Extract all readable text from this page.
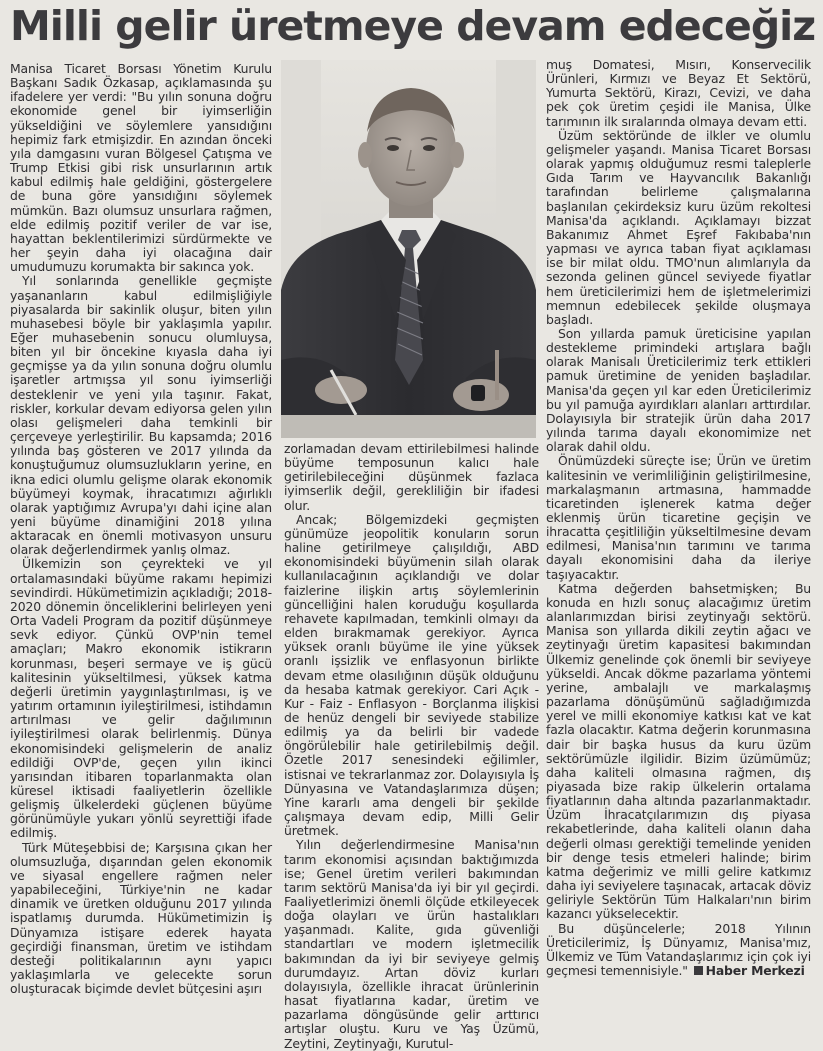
Milli gelir üretmeye devam edeceğiz

Manisa Ticaret Borsası Yönetim Kurulu Başkanı Sadık Özkasap, açıklamasında şu ifadelere yer verdi: "Bu yılın sonuna doğru ekonomide genel bir iyimserliğin yükseldiğini ve söylemlere yansıdığını hepimiz fark etmişizdir. En azından önceki yıla damgasını vuran Bölgesel Çatışma ve Trump Etkisi gibi risk unsurlarının artık kabul edilmiş hale geldiğini, göstergelere de buna göre yansıdığını söylemek mümkün. Bazı olumsuz unsurlara rağmen, elde edilmiş pozitif veriler de var ise, hayattan beklentilerimizi sürdürmekte ve her şeyin daha iyi olacağına dair umudumuzu korumakta bir sakınca yok.

Yıl sonlarında genellikle geçmişte yaşananların kabul edilmişliğiyle piyasalarda bir sakinlik oluşur, biten yılın muhasebesi böyle bir yaklaşımla yapılır. Eğer muhasebenin sonucu olumluysa, biten yıl bir öncekine kıyasla daha iyi geçmişse ya da yılın sonuna doğru olumlu işaretler artmışsa yıl sonu iyimserliği desteklenir ve yeni yıla taşınır. Fakat, riskler, korkular devam ediyorsa gelen yılın olası gelişmeleri daha temkinli bir çerçeveye yerleştirilir. Bu kapsamda; 2016 yılında baş gösteren ve 2017 yılında da konuştuğumuz olumsuzlukların yerine, en ikna edici olumlu gelişme olarak ekonomik büyümeyi koymak, ihracatımızı ağırlıklı olarak yaptığımız Avrupa'yı dahi içine alan yeni büyüme dinamiğini 2018 yılına aktaracak en önemli motivasyon unsuru olarak değerlendirmek yanlış olmaz.

Ülkemizin son çeyrekteki ve yıl ortalamasındaki büyüme rakamı hepimizi sevindirdi. Hükümetimizin açıkladığı; 2018-2020 dönemin önceliklerini belirleyen yeni Orta Vadeli Program da pozitif düşünmeye sevk ediyor. Çünkü OVP'nin temel amaçları; Makro ekonomik istikrarın korunması, beşeri sermaye ve iş gücü kalitesinin yükseltilmesi, yüksek katma değerli üretimin yaygınlaştırılması, iş ve yatırım ortamının iyileştirilmesi, istihdamın artırılması ve gelir dağılımının iyileştirilmesi olarak belirlenmiş. Dünya ekonomisindeki gelişmelerin de analiz edildiği OVP'de, geçen yılın ikinci yarısından itibaren toparlanmakta olan küresel iktisadi faaliyetlerin özellikle gelişmiş ülkelerdeki güçlenen büyüme görünümüyle yukarı yönlü seyrettiği ifade edilmiş.

Türk Müteşebbisi de; Karşısına çıkan her olumsuzluğa, dışarından gelen ekonomik ve siyasal engellere rağmen neler yapabileceğini, Türkiye'nin ne kadar dinamik ve üretken olduğunu 2017 yılında ispatlamış durumda. Hükümetimizin İş Dünyamıza istişare ederek hayata geçirdiği finansman, üretim ve istihdam desteği politikalarının aynı yapıcı yaklaşımlarla ve gelecekte sorun oluşturacak biçimde devlet bütçesini aşırı

zorlamadan devam ettirilebilmesi halinde büyüme temposunun kalıcı hale getirilebileceğini düşünmek fazlaca iyimserlik değil, gerekliliğin bir ifadesi olur.

Ancak; Bölgemizdeki geçmişten günümüze jeopolitik konuların sorun haline getirilmeye çalışıldığı, ABD ekonomisindeki büyümenin silah olarak kullanılacağının açıklandığı ve dolar faizlerine ilişkin artış söylemlerinin güncelliğini halen koruduğu koşullarda rehavete kapılmadan, temkinli olmayı da elden bırakmamak gerekiyor. Ayrıca yüksek oranlı büyüme ile yine yüksek oranlı işsizlik ve enflasyonun birlikte devam etme olasılığının düşük olduğunu da hesaba katmak gerekiyor. Cari Açık - Kur - Faiz - Enflasyon - Borçlanma ilişkisi de henüz dengeli bir seviyede stabilize edilmiş ya da belirli bir vadede öngörülebilir hale getirilebilmiş değil. Özetle 2017 senesindeki eğilimler, istisnai ve tekrarlanmaz zor. Dolayısıyla İş Dünyasına ve Vatandaşlarımıza düşen; Yine kararlı ama dengeli bir şekilde çalışmaya devam edip, Milli Gelir üretmek.

Yılın değerlendirmesine Manisa'nın tarım ekonomisi açısından baktığımızda ise; Genel üretim verileri bakımından tarım sektörü Manisa'da iyi bir yıl geçirdi. Faaliyetlerimizi önemli ölçüde etkileyecek doğa olayları ve ürün hastalıkları yaşanmadı. Kalite, gıda güvenliği standartları ve modern işletmecilik bakımından da iyi bir seviyeye gelmiş durumdayız. Artan döviz kurları dolayısıyla, özellikle ihracat ürünlerinin hasat fiyatlarına kadar, üretim ve pazarlama döngüsünde gelir arttırıcı artışlar oluştu. Kuru ve Yaş Üzümü, Zeytini, Zeytinyağı, Kurutul-

muş Domatesi, Mısırı, Konservecilik Ürünleri, Kırmızı ve Beyaz Et Sektörü, Yumurta Sektörü, Kirazı, Cevizi, ve daha pek çok üretim çeşidi ile Manisa, Ülke tarımının ilk sıralarında olmaya devam etti.

Üzüm sektöründe de ilkler ve olumlu gelişmeler yaşandı. Manisa Ticaret Borsası olarak yapmış olduğumuz resmi taleplerle Gıda Tarım ve Hayvancılık Bakanlığı tarafından belirleme çalışmalarına başlanılan çekirdeksiz kuru üzüm rekoltesi Manisa'da açıklandı. Açıklamayı bizzat Bakanımız Ahmet Eşref Fakıbaba'nın yapması ve ayrıca taban fiyat açıklaması ise bir milat oldu. TMO'nun alımlarıyla da sezonda gelinen güncel seviyede fiyatlar hem üreticilerimizi hem de işletmelerimizi memnun edebilecek şekilde oluşmaya başladı.

Son yıllarda pamuk üreticisine yapılan destekleme primindeki artışlara bağlı olarak Manisalı Üreticilerimiz terk ettikleri pamuk üretimine de yeniden başladılar. Manisa'da geçen yıl kar eden Üreticilerimiz bu yıl pamuğa ayırdıkları alanları arttırdılar. Dolayısıyla bir stratejik ürün daha 2017 yılında tarıma dayalı ekonomimize net olarak dahil oldu.

Önümüzdeki süreçte ise; Ürün ve üretim kalitesinin ve verimliliğinin geliştirilmesine, markalaşmanın artmasına, hammadde ticaretinden işlenerek katma değer eklenmiş ürün ticaretine geçişin ve ihracatta çeşitliliğin yükseltilmesine devam edilmesi, Manisa'nın tarımını ve tarıma dayalı ekonomisini daha da ileriye taşıyacaktır.

Katma değerden bahsetmişken; Bu konuda en hızlı sonuç alacağımız üretim alanlarımızdan birisi zeytinyağı sektörü. Manisa son yıllarda dikili zeytin ağacı ve zeytinyağı üretim kapasitesi bakımından Ülkemiz genelinde çok önemli bir seviyeye yükseldi. Ancak dökme pazarlama yöntemi yerine, ambalajlı ve markalaşmış pazarlama dönüşümünü sağladığımızda yerel ve milli ekonomiye katkısı kat ve kat fazla olacaktır. Katma değerin korunmasına dair bir başka husus da kuru üzüm sektörümüzle ilgilidir. Bizim üzümümüz; daha kaliteli olmasına rağmen, dış piyasada bize rakip ülkelerin ortalama fiyatlarının daha altında pazarlanmaktadır. Üzüm İhracatçılarımızın dış piyasa rekabetlerinde, daha kaliteli olanın daha değerli olması gerektiği temelinde yeniden bir denge tesis etmeleri halinde; birim katma değerimiz ve milli gelire katkımız daha iyi seviyelere taşınacak, artacak döviz geliriyle Sektörün Tüm Halkaları'nın birim kazancı yükselecektir.

Bu düşüncelerle; 2018 Yılının Üreticilerimiz, İş Dünyamız, Manisa'mız, Ülkemiz ve Tüm Vatandaşlarımız için çok iyi geçmesi temennisiyle." Haber Merkezi
